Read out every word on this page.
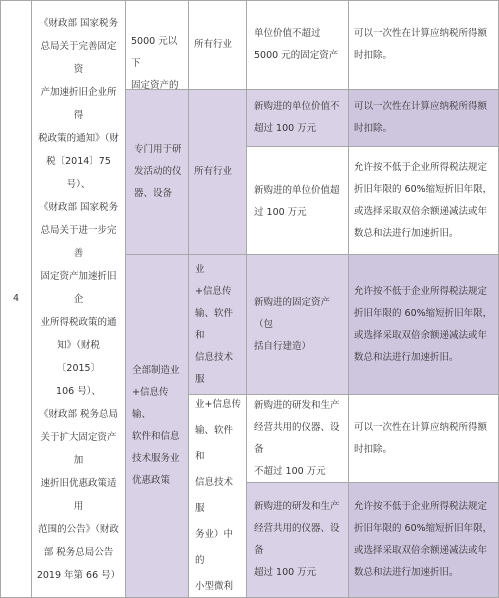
4
《财政部 国家税务
总局关于完善固定资
产加速折旧企业所得
税政策的通知》（财
税〔2014〕75 号）、
《财政部 国家税务
总局关于进一步完善
固定资产加速折旧企
业所得税政策的通
知》（财税〔2015〕
106 号）、
《财政部 税务总局
关于扩大固定资产加
速折旧优惠政策适用
范围的公告》（财政
部 税务总局公告
2019 年第 66 号）

5000 元以下
固定资产的

所有行业
单位价值不超过
5000 元的固定资产
可以一次性在计算应纳税所得额
时扣除。
专门用于研
发活动的仪
器、设备
所有行业
新购进的单位价值不
超过 100 万元
可以一次性在计算应纳税所得额
时扣除。

新购进的单位价值超
过 100 万元

允许按不低于企业所得税法规定
折旧年限的 60%缩短折旧年限，
或选择采取双倍余额递减法或年
数总和法进行加速折旧。
全部制造业
+信息传输、
软件和信息
技术服务业
优惠政策
业
+信息传
输、软件和
信息技术服

新购进的固定资产（包
括自行建造）
允许按不低于企业所得税法规定
折旧年限的 60%缩短折旧年限，
或选择采取双倍余额递减法或年
数总和法进行加速折旧。

业+信息传
输、软件和
信息技术服
务业）中的
小型微利

新购进的研发和生产
经营共用的仪器、设备
不超过 100 万元
可以一次性在计算应纳税所得额
时扣除。
新购进的研发和生产
经营共用的仪器、设备
超过 100 万元
允许按不低于企业所得税法规定
折旧年限的 60%缩短折旧年限，
或选择采取双倍余额递减法或年
数总和法进行加速折旧。
